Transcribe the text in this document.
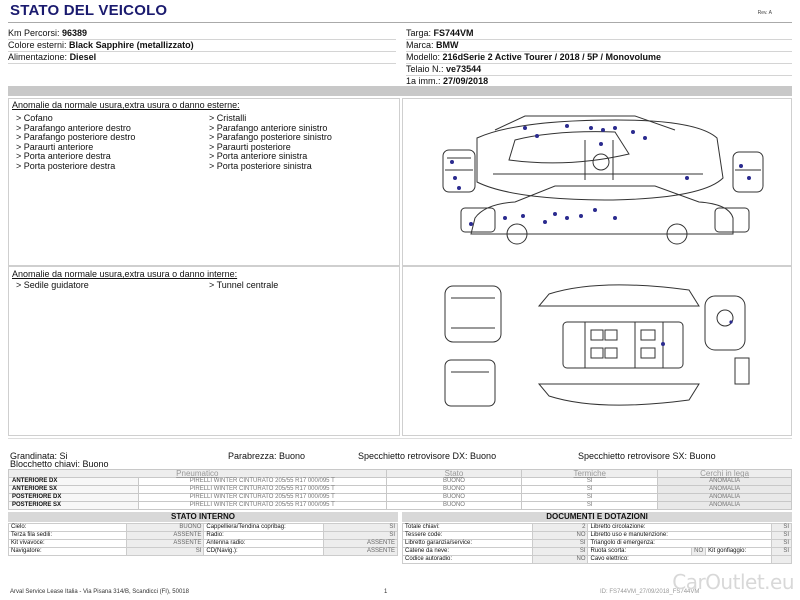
STATO DEL VEICOLO	Rev. A
Km Percorsi: 96389
Colore esterni: Black Sapphire (metallizzato)
Alimentazione: Diesel
Targa: FS744VM
Marca: BMW
Modello: 216dSerie 2 Active Tourer / 2018 / 5P / Monovolume
Telaio N.: ve73544
1a imm.: 27/09/2018
Anomalie da normale usura,extra usura o danno esterne:
> Cofano
> Parafango anteriore destro
> Parafango posteriore destro
> Paraurti anteriore
> Porta anteriore destra
> Porta posteriore destra
> Cristalli
> Parafango anteriore sinistro
> Parafango posteriore sinistro
> Paraurti posteriore
> Porta anteriore sinistra
> Porta posteriore sinistra
Anomalie da normale usura,extra usura o danno interne:
> Sedile guidatore	> Tunnel centrale
Grandinata: Si	Parabrezza: Buono	Specchietto retrovisore DX: Buono	Specchietto retrovisore SX: Buono
Blocchetto chiavi: Buono
Pneumatico		Stato	Termiche	Cerchi in lega
ANTERIORE DX	PIRELLI WINTER CINTURATO 205/55 R17 000/095 T	BUONO	SI	ANOMALIA
ANTERIORE SX	PIRELLI WINTER CINTURATO 205/55 R17 000/095 T	BUONO	SI	ANOMALIA
POSTERIORE DX	PIRELLI WINTER CINTURATO 205/55 R17 000/095 T	BUONO	SI	ANOMALIA
POSTERIORE SX	PIRELLI WINTER CINTURATO 205/55 R17 000/095 T	BUONO	SI	ANOMALIA
STATO INTERNO
Cielo:	BUONO	Cappelliera/Tendina copribag:	SI
Terza fila sedili:	ASSENTE	Radio:	SI
Kit vivavoce:	ASSENTE	Antenna radio:	ASSENTE
Navigatore:	SI	CD(Navig.):	ASSENTE
DOCUMENTI E DOTAZIONI
Totale chiavi:	2	Libretto circolazione:			SI
Tessere code:	NO	Libretto uso e manutenzione:			SI
Libretto garanzia/service:	SI	Triangolo di emergenza:			SI
Catene da neve:	SI	Ruota scorta:	NO	Kit gonfiaggio:	SI
Codice autoradio:	NO	Cavo elettrico:			
Arval Service Lease Italia - Via Pisana 314/B, Scandicci (FI), 50018	1	ID: FS744VM_27/09/2018_FS744VM
CarOutlet.eu
